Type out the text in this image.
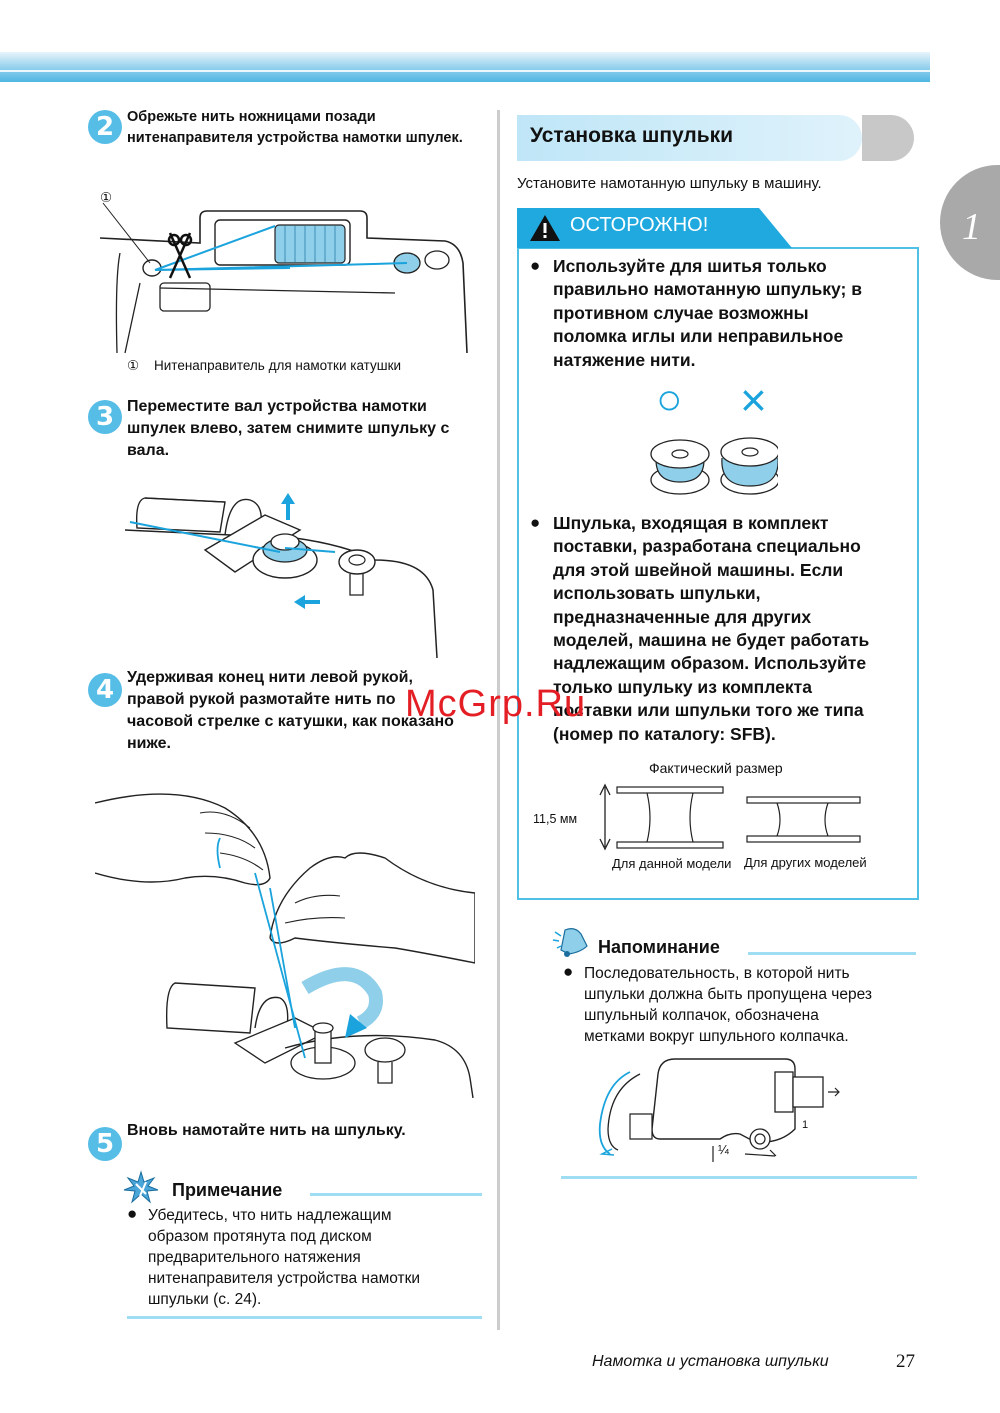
2 Обрежьте нить ножницами позади
нитенаправителя устройства намотки шпулек.
①
① Нитенаправитель для намотки катушки
3 Переместите вал устройства намотки
шпулек влево, затем снимите шпульку с
вала.
4 Удерживая конец нити левой рукой,
правой рукой размотайте нить по
часовой стрелке с катушки, как показано
ниже.
5 Вновь намотайте нить на шпульку.
Примечание
● Убедитесь, что нить надлежащим
образом протянута под диском
предварительного натяжения
нитенаправителя устройства намотки
шпульки (с. 24).
Установка шпульки
1
Установите намотанную шпульку в машину.
ОСТОРОЖНО!
● Используйте для шитья только
правильно намотанную шпульку; в
противном случае возможны
поломка иглы или неправильное
натяжение нити.
○ ×
● Шпулька, входящая в комплект
поставки, разработана специально
для этой швейной машины. Если
использовать шпульки,
предназначенные для других
моделей, машина не будет работать
надлежащим образом. Используйте
только шпульку из комплекта
поставки или шпульки того же типа
(номер по каталогу: SFB).
Фактический размер
11,5 мм
Для данной модели Для других моделей
Напоминание
● Последовательность, в которой нить
шпульки должна быть пропущена через
шпульный колпачок, обозначена
метками вокруг шпульного колпачка.
1
¼
McGrp.Ru
Намотка и установка шпульки	27
